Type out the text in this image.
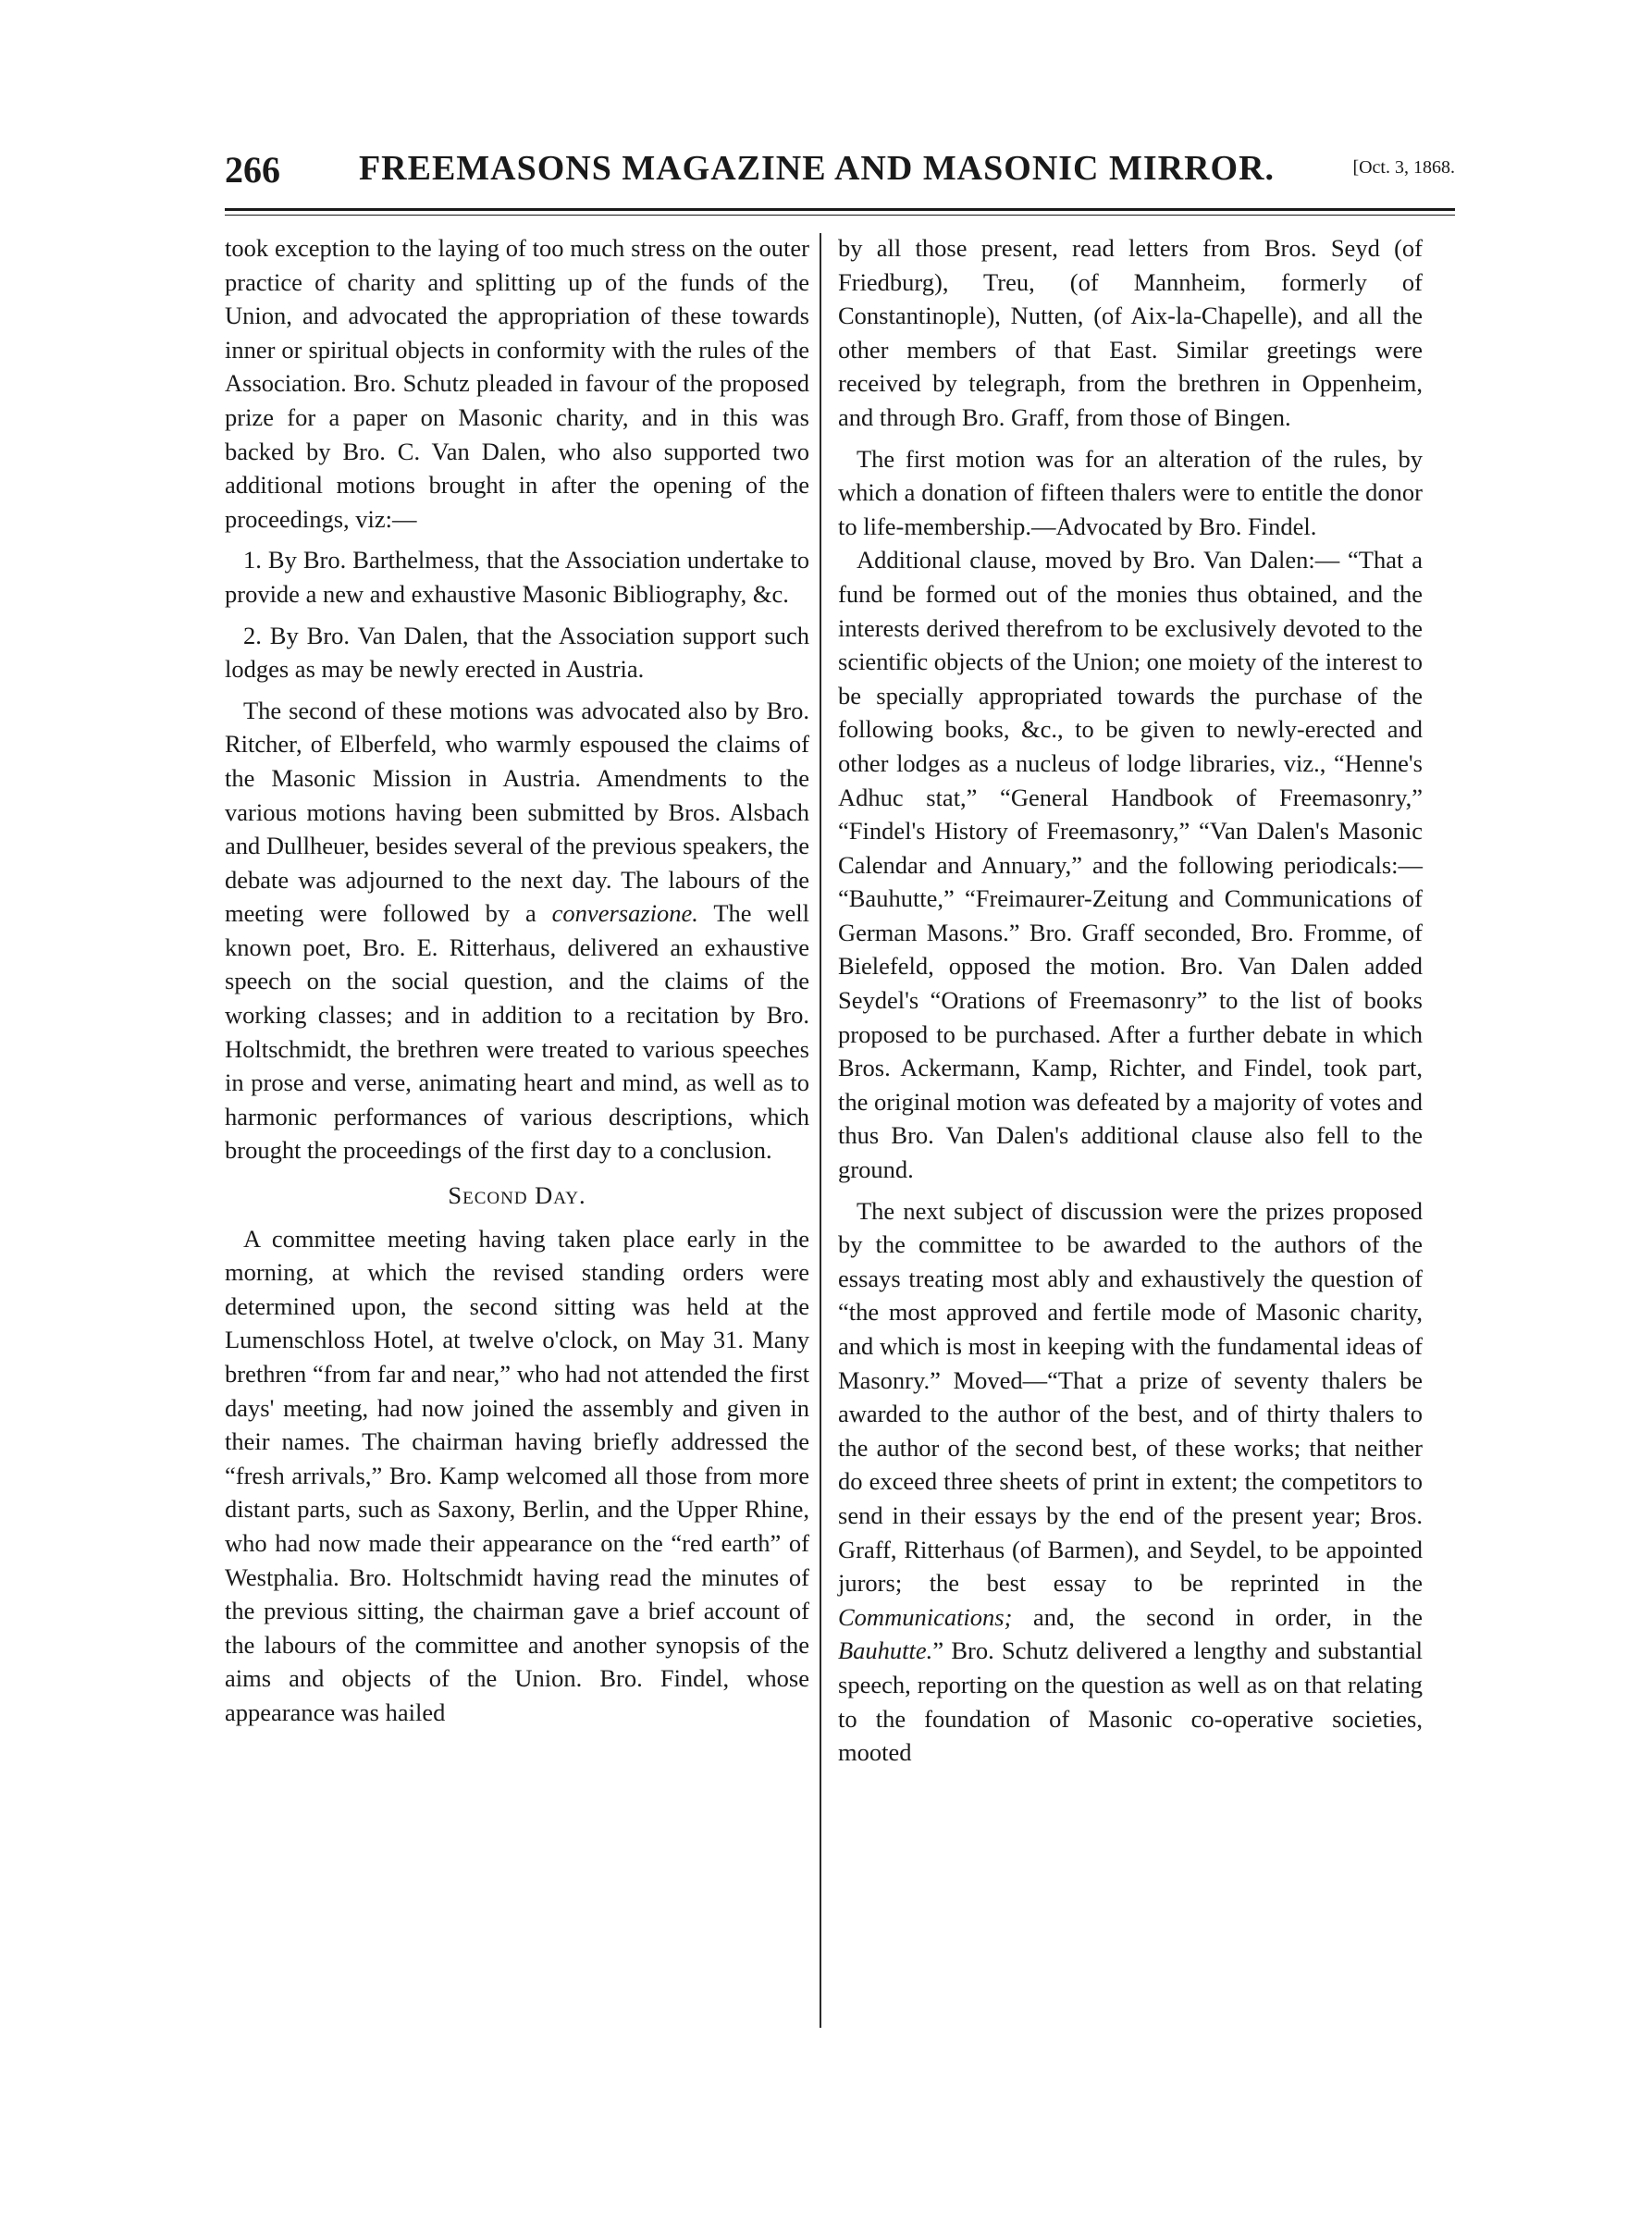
266	FREEMASONS MAGAZINE AND MASONIC MIRROR.	[Oct. 3, 1868.

took exception to the laying of too much stress on the outer practice of charity and splitting up of the funds of the Union, and advocated the appropriation of these towards inner or spiritual objects in conformity with the rules of the Association. Bro. Schutz pleaded in favour of the proposed prize for a paper on Masonic charity, and in this was backed by Bro. C. Van Dalen, who also supported two additional motions brought in after the opening of the proceedings, viz:—

1. By Bro. Barthelmess, that the Association undertake to provide a new and exhaustive Masonic Bibliography, &c.

2. By Bro. Van Dalen, that the Association support such lodges as may be newly erected in Austria.

The second of these motions was advocated also by Bro. Ritcher, of Elberfeld, who warmly espoused the claims of the Masonic Mission in Austria. Amendments to the various motions having been submitted by Bros. Alsbach and Dullheuer, besides several of the previous speakers, the debate was adjourned to the next day. The labours of the meeting were followed by a conversazione. The well known poet, Bro. E. Ritterhaus, delivered an exhaustive speech on the social question, and the claims of the working classes; and in addition to a recitation by Bro. Holtschmidt, the brethren were treated to various speeches in prose and verse, animating heart and mind, as well as to harmonic performances of various descriptions, which brought the proceedings of the first day to a conclusion.

Second Day.

A committee meeting having taken place early in the morning, at which the revised standing orders were determined upon, the second sitting was held at the Lumenschloss Hotel, at twelve o'clock, on May 31. Many brethren “from far and near,” who had not attended the first days' meeting, had now joined the assembly and given in their names. The chairman having briefly addressed the “fresh arrivals,” Bro. Kamp welcomed all those from more distant parts, such as Saxony, Berlin, and the Upper Rhine, who had now made their appearance on the “red earth” of Westphalia. Bro. Holtschmidt having read the minutes of the previous sitting, the chairman gave a brief account of the labours of the committee and another synopsis of the aims and objects of the Union. Bro. Findel, whose appearance was hailed

by all those present, read letters from Bros. Seyd (of Friedburg), Treu, (of Mannheim, formerly of Constantinople), Nutten, (of Aix-la-Chapelle), and all the other members of that East. Similar greetings were received by telegraph, from the brethren in Oppenheim, and through Bro. Graff, from those of Bingen.

The first motion was for an alteration of the rules, by which a donation of fifteen thalers were to entitle the donor to life-membership.—Advocated by Bro. Findel.

Additional clause, moved by Bro. Van Dalen:— “That a fund be formed out of the monies thus obtained, and the interests derived therefrom to be exclusively devoted to the scientific objects of the Union; one moiety of the interest to be specially appropriated towards the purchase of the following books, &c., to be given to newly-erected and other lodges as a nucleus of lodge libraries, viz., “Henne's Adhuc stat,” “General Handbook of Freemasonry,” “Findel's History of Freemasonry,” “Van Dalen's Masonic Calendar and Annuary,” and the following periodicals:— “Bauhutte,” “Freimaurer-Zeitung and Communications of German Masons.” Bro. Graff seconded, Bro. Fromme, of Bielefeld, opposed the motion. Bro. Van Dalen added Seydel's “Orations of Freemasonry” to the list of books proposed to be purchased. After a further debate in which Bros. Ackermann, Kamp, Richter, and Findel, took part, the original motion was defeated by a majority of votes and thus Bro. Van Dalen's additional clause also fell to the ground.

The next subject of discussion were the prizes proposed by the committee to be awarded to the authors of the essays treating most ably and exhaustively the question of “the most approved and fertile mode of Masonic charity, and which is most in keeping with the fundamental ideas of Masonry.” Moved—“That a prize of seventy thalers be awarded to the author of the best, and of thirty thalers to the author of the second best, of these works; that neither do exceed three sheets of print in extent; the competitors to send in their essays by the end of the present year; Bros. Graff, Ritterhaus (of Barmen), and Seydel, to be appointed jurors; the best essay to be reprinted in the Communications; and, the second in order, in the Bauhutte.” Bro. Schutz delivered a lengthy and substantial speech, reporting on the question as well as on that relating to the foundation of Masonic co-operative societies, mooted
